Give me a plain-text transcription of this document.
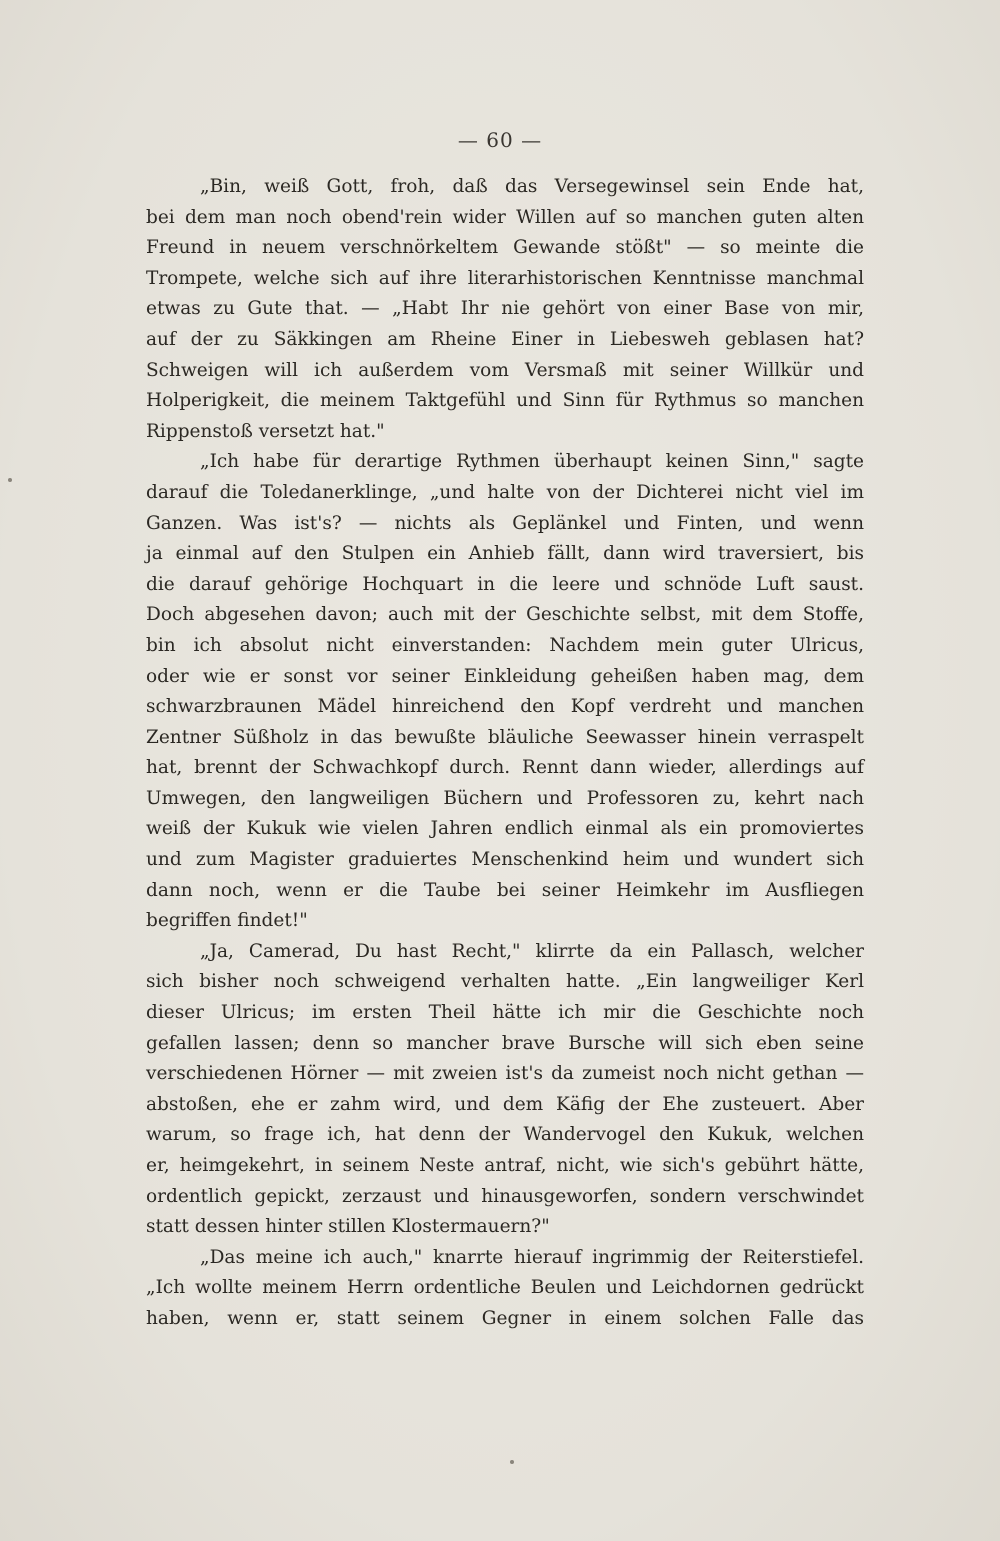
— 60 —
„Bin, weiß Gott, froh, daß das Versegewinsel sein Ende hat,
bei dem man noch obend'rein wider Willen auf so manchen guten alten
Freund in neuem verschnörkeltem Gewande stößt" — so meinte die
Trompete, welche sich auf ihre literarhistorischen Kenntnisse manchmal
etwas zu Gute that. — „Habt Ihr nie gehört von einer Base von mir,
auf der zu Säkkingen am Rheine Einer in Liebesweh geblasen hat?
Schweigen will ich außerdem vom Versmaß mit seiner Willkür und
Holperigkeit, die meinem Taktgefühl und Sinn für Rythmus so manchen
Rippenstoß versetzt hat."
„Ich habe für derartige Rythmen überhaupt keinen Sinn," sagte
darauf die Toledanerklinge, „und halte von der Dichterei nicht viel im
Ganzen. Was ist's? — nichts als Geplänkel und Finten, und wenn
ja einmal auf den Stulpen ein Anhieb fällt, dann wird traversiert, bis
die darauf gehörige Hochquart in die leere und schnöde Luft saust.
Doch abgesehen davon; auch mit der Geschichte selbst, mit dem Stoffe,
bin ich absolut nicht einverstanden: Nachdem mein guter Ulricus,
oder wie er sonst vor seiner Einkleidung geheißen haben mag, dem
schwarzbraunen Mädel hinreichend den Kopf verdreht und manchen
Zentner Süßholz in das bewußte bläuliche Seewasser hinein verraspelt
hat, brennt der Schwachkopf durch. Rennt dann wieder, allerdings auf
Umwegen, den langweiligen Büchern und Professoren zu, kehrt nach
weiß der Kukuk wie vielen Jahren endlich einmal als ein promoviertes
und zum Magister graduiertes Menschenkind heim und wundert sich
dann noch, wenn er die Taube bei seiner Heimkehr im Ausfliegen
begriffen findet!"
„Ja, Camerad, Du hast Recht," klirrte da ein Pallasch, welcher
sich bisher noch schweigend verhalten hatte. „Ein langweiliger Kerl
dieser Ulricus; im ersten Theil hätte ich mir die Geschichte noch
gefallen lassen; denn so mancher brave Bursche will sich eben seine
verschiedenen Hörner — mit zweien ist's da zumeist noch nicht gethan —
abstoßen, ehe er zahm wird, und dem Käfig der Ehe zusteuert. Aber
warum, so frage ich, hat denn der Wandervogel den Kukuk, welchen
er, heimgekehrt, in seinem Neste antraf, nicht, wie sich's gebührt hätte,
ordentlich gepickt, zerzaust und hinausgeworfen, sondern verschwindet
statt dessen hinter stillen Klostermauern?"
„Das meine ich auch," knarrte hierauf ingrimmig der Reiterstiefel.
„Ich wollte meinem Herrn ordentliche Beulen und Leichdornen gedrückt
haben, wenn er, statt seinem Gegner in einem solchen Falle das
